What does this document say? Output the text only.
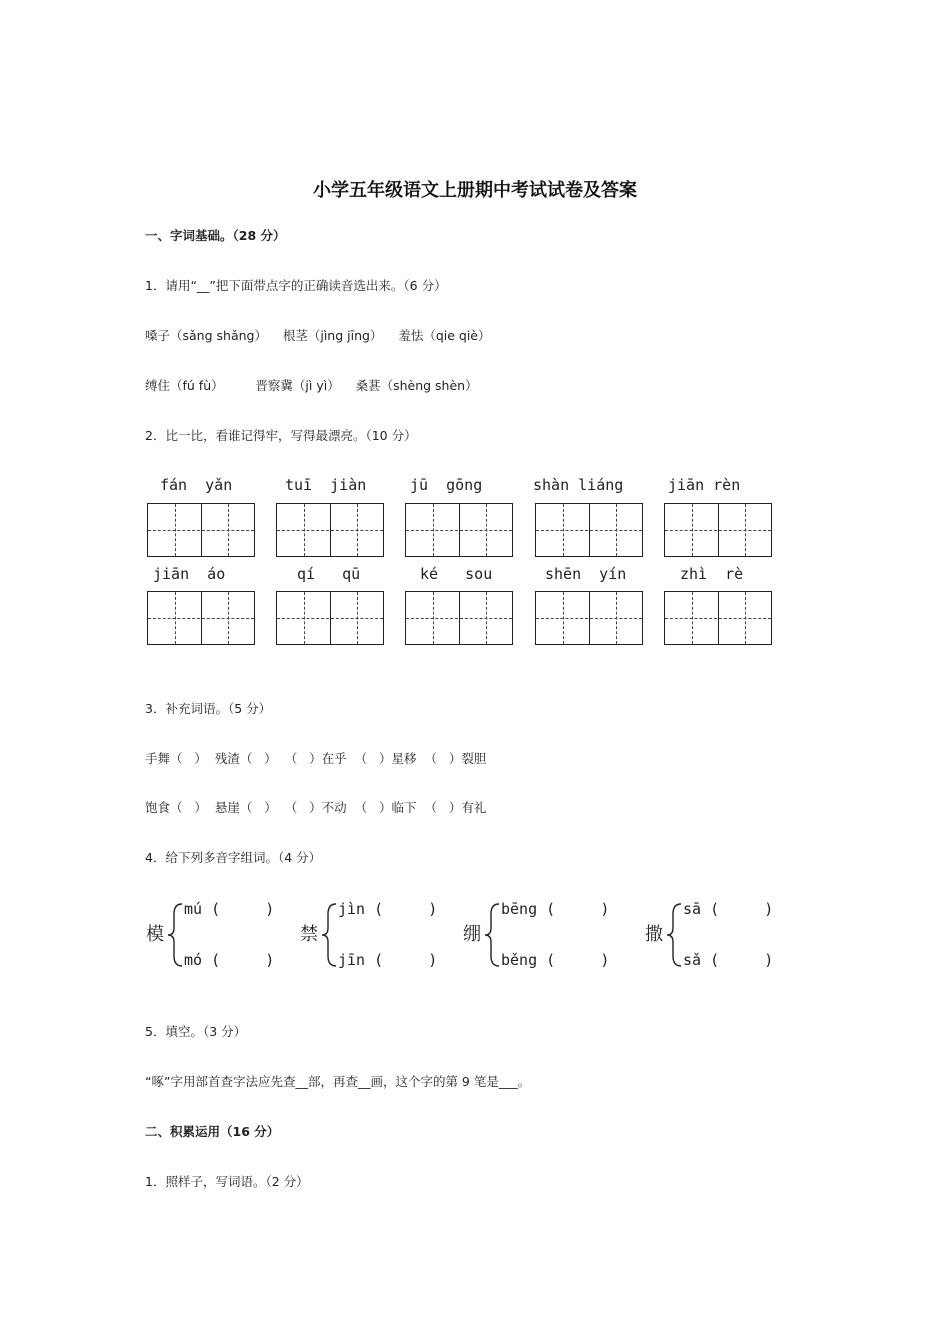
小学五年级语文上册期中考试试卷及答案
一、字词基础。（28 分）
1．请用“__”把下面带点字的正确读音选出来。（6 分）
嗓子（sǎng shǎng）    根茎（jìng jīng）    羞怯（qie qiè）
缚住（fú fù）        晋察冀（jì yì）    桑葚（shèng shèn）
2．比一比，看谁记得牢，写得最漂亮。（10 分）
fán  yǎn	tuī  jiàn	jū  gōng	shàn liáng	jiān rèn
jiān  áo	qí   qū	ké   sou	shēn  yín	zhì  rè
3．补充词语。（5 分）
手舞（   ）  残渣（   ）  （   ）在乎  （   ）星移  （   ）裂胆
饱食（   ）  悬崖（   ）  （   ）不动  （   ）临下  （   ）有礼
4．给下列多音字组词。（4 分）
模
mú (     )
mó (     )
禁
jìn (     )
jīn (     )
绷
bēng (     )
běng (     )
撒
sā (     )
sǎ (     )
5．填空。（3 分）
“啄”字用部首查字法应先查__部，再查__画，这个字的第 9 笔是___。
二、积累运用（16 分）
1．照样子，写词语。（2 分）
